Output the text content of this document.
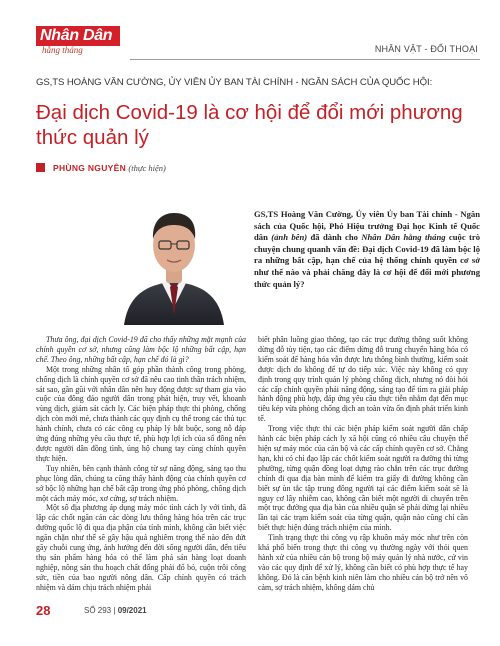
Nhân Dân
hằng tháng	NHÂN VẬT - ĐỐI THOẠI
GS,TS HOÀNG VĂN CƯỜNG, ỦY VIÊN ỦY BAN TÀI CHÍNH - NGÂN SÁCH CỦA QUỐC HỘI:
Đại dịch Covid-19 là cơ hội để đổi mới phương thức quản lý
PHÙNG NGUYÊN (thực hiện)
GS,TS Hoàng Văn Cường, Ủy viên Ủy ban Tài chính - Ngân sách của Quốc hội, Phó Hiệu trưởng Đại học Kinh tế Quốc dân (ảnh bên) đã dành cho Nhân Dân hằng tháng cuộc trò chuyện chung quanh vấn đề: Đại dịch Covid-19 đã làm bộc lộ ra những bất cập, hạn chế của hệ thống chính quyền cơ sở như thế nào và phải chăng đây là cơ hội để đổi mới phương thức quản lý?

Thưa ông, đại dịch Covid-19 đã cho thấy những mặt mạnh của chính quyền cơ sở, nhưng cũng làm bộc lộ những bất cập, hạn chế. Theo ông, những bất cập, hạn chế đó là gì?

Một trong những nhân tố góp phần thành công trong phòng, chống dịch là chính quyền cơ sở đã nêu cao tinh thần trách nhiệm, sát sao, gần gũi với nhân dân nên huy động được sự tham gia vào cuộc của đông đảo người dân trong phát hiện, truy vết, khoanh vùng dịch, giám sát cách ly. Các biện pháp thực thi phòng, chống dịch còn mới mẻ, chưa thành các quy định cụ thể trong các thủ tục hành chính, chưa có các công cụ pháp lý bắt buộc, song nỗ đáp ứng đúng những yêu cầu thực tế, phù hợp lợi ích của số đông nên được người dân đồng tình, ủng hộ chung tay cùng chính quyền thực hiện.

Tuy nhiên, bên cạnh thành công từ sự năng động, sáng tạo thu phục lòng dân, chúng ta cũng thấy hành động của chính quyền cơ sở bộc lộ những hạn chế bất cập trong ứng phó phòng, chống dịch một cách máy móc, xơ cứng, sợ trách nhiệm.

Một số địa phương áp dụng máy móc tình cách ly với tình, đã lập các chốt ngăn cản các dòng lưu thông hàng hóa trên các trục đường quốc lộ đi qua địa phận của tỉnh mình, không cần biết việc ngăn chặn như thế sẽ gây hậu quả nghiêm trọng thế nào đến đứt gãy chuỗi cung ứng, ảnh hưởng đến đời sống người dân, đến tiêu thụ sản phẩm hàng hóa có thể làm phá sản hàng loạt doanh nghiệp, nông sản thu hoạch chất đống phải đổ bỏ, cuộn trôi công sức, tiền của bao người nông dân. Cấp chính quyền có trách nhiệm và dám chịu trách nhiệm phải

biết phân luồng giao thông, tạo các trục đường thông suốt không dừng đỗ tùy tiện, tạo các điểm dừng đỗ trung chuyển hàng hóa có kiểm soát để hàng hóa vẫn được lưu thông bình thường, kiểm soát được dịch do không để tự do tiếp xúc. Việc này không có quy định trong quy trình quản lý phòng chống dịch, nhưng nó đòi hỏi các cấp chính quyền phải năng động, sáng tạo để tìm ra giải pháp hành động phù hợp, đáp ứng yêu cầu thực tiễn nhằm đạt đến mục tiêu kép vừa phòng chống dịch an toàn vừa ổn định phát triển kinh tế.

Trong việc thực thi các biện pháp kiểm soát người dân chấp hành các biện pháp cách ly xã hội cũng có nhiều câu chuyện thể hiện sự máy móc của cán bộ và các cấp chính quyền cơ sở. Chẳng hạn, khi có chỉ đạo lập các chốt kiểm soát người ra đường thì từng phường, từng quận đồng loạt dựng rào chắn trên các trục đường chính đi qua địa bàn mình để kiểm tra giấy đi đường không cần biết sự ùn tắc tập trung đông người tại các điểm kiểm soát sẽ là nguy cơ lây nhiễm cao, không cần biết một người di chuyển trên một trục đường qua địa bàn của nhiều quận sẽ phải dừng lại nhiều lần tại các trạm kiểm soát của từng quận, quận nào cũng chỉ cần biết thực hiện đúng trách nhiệm của mình.

Tình trạng thực thi công vụ rập khuôn máy móc như trên còn khá phổ biến trong thực thi công vụ thường ngày với thói quen hành xử của nhiều cán bộ trong bộ máy quản lý nhà nước, cứ vin vào các quy định để xử lý, không cần biết có phù hợp thực tế hay không. Đó là căn bệnh kinh niên làm cho nhiều cán bộ trở nên vô cảm, sợ trách nhiệm, không dám chủ

28	SỐ 293 | 09/2021
